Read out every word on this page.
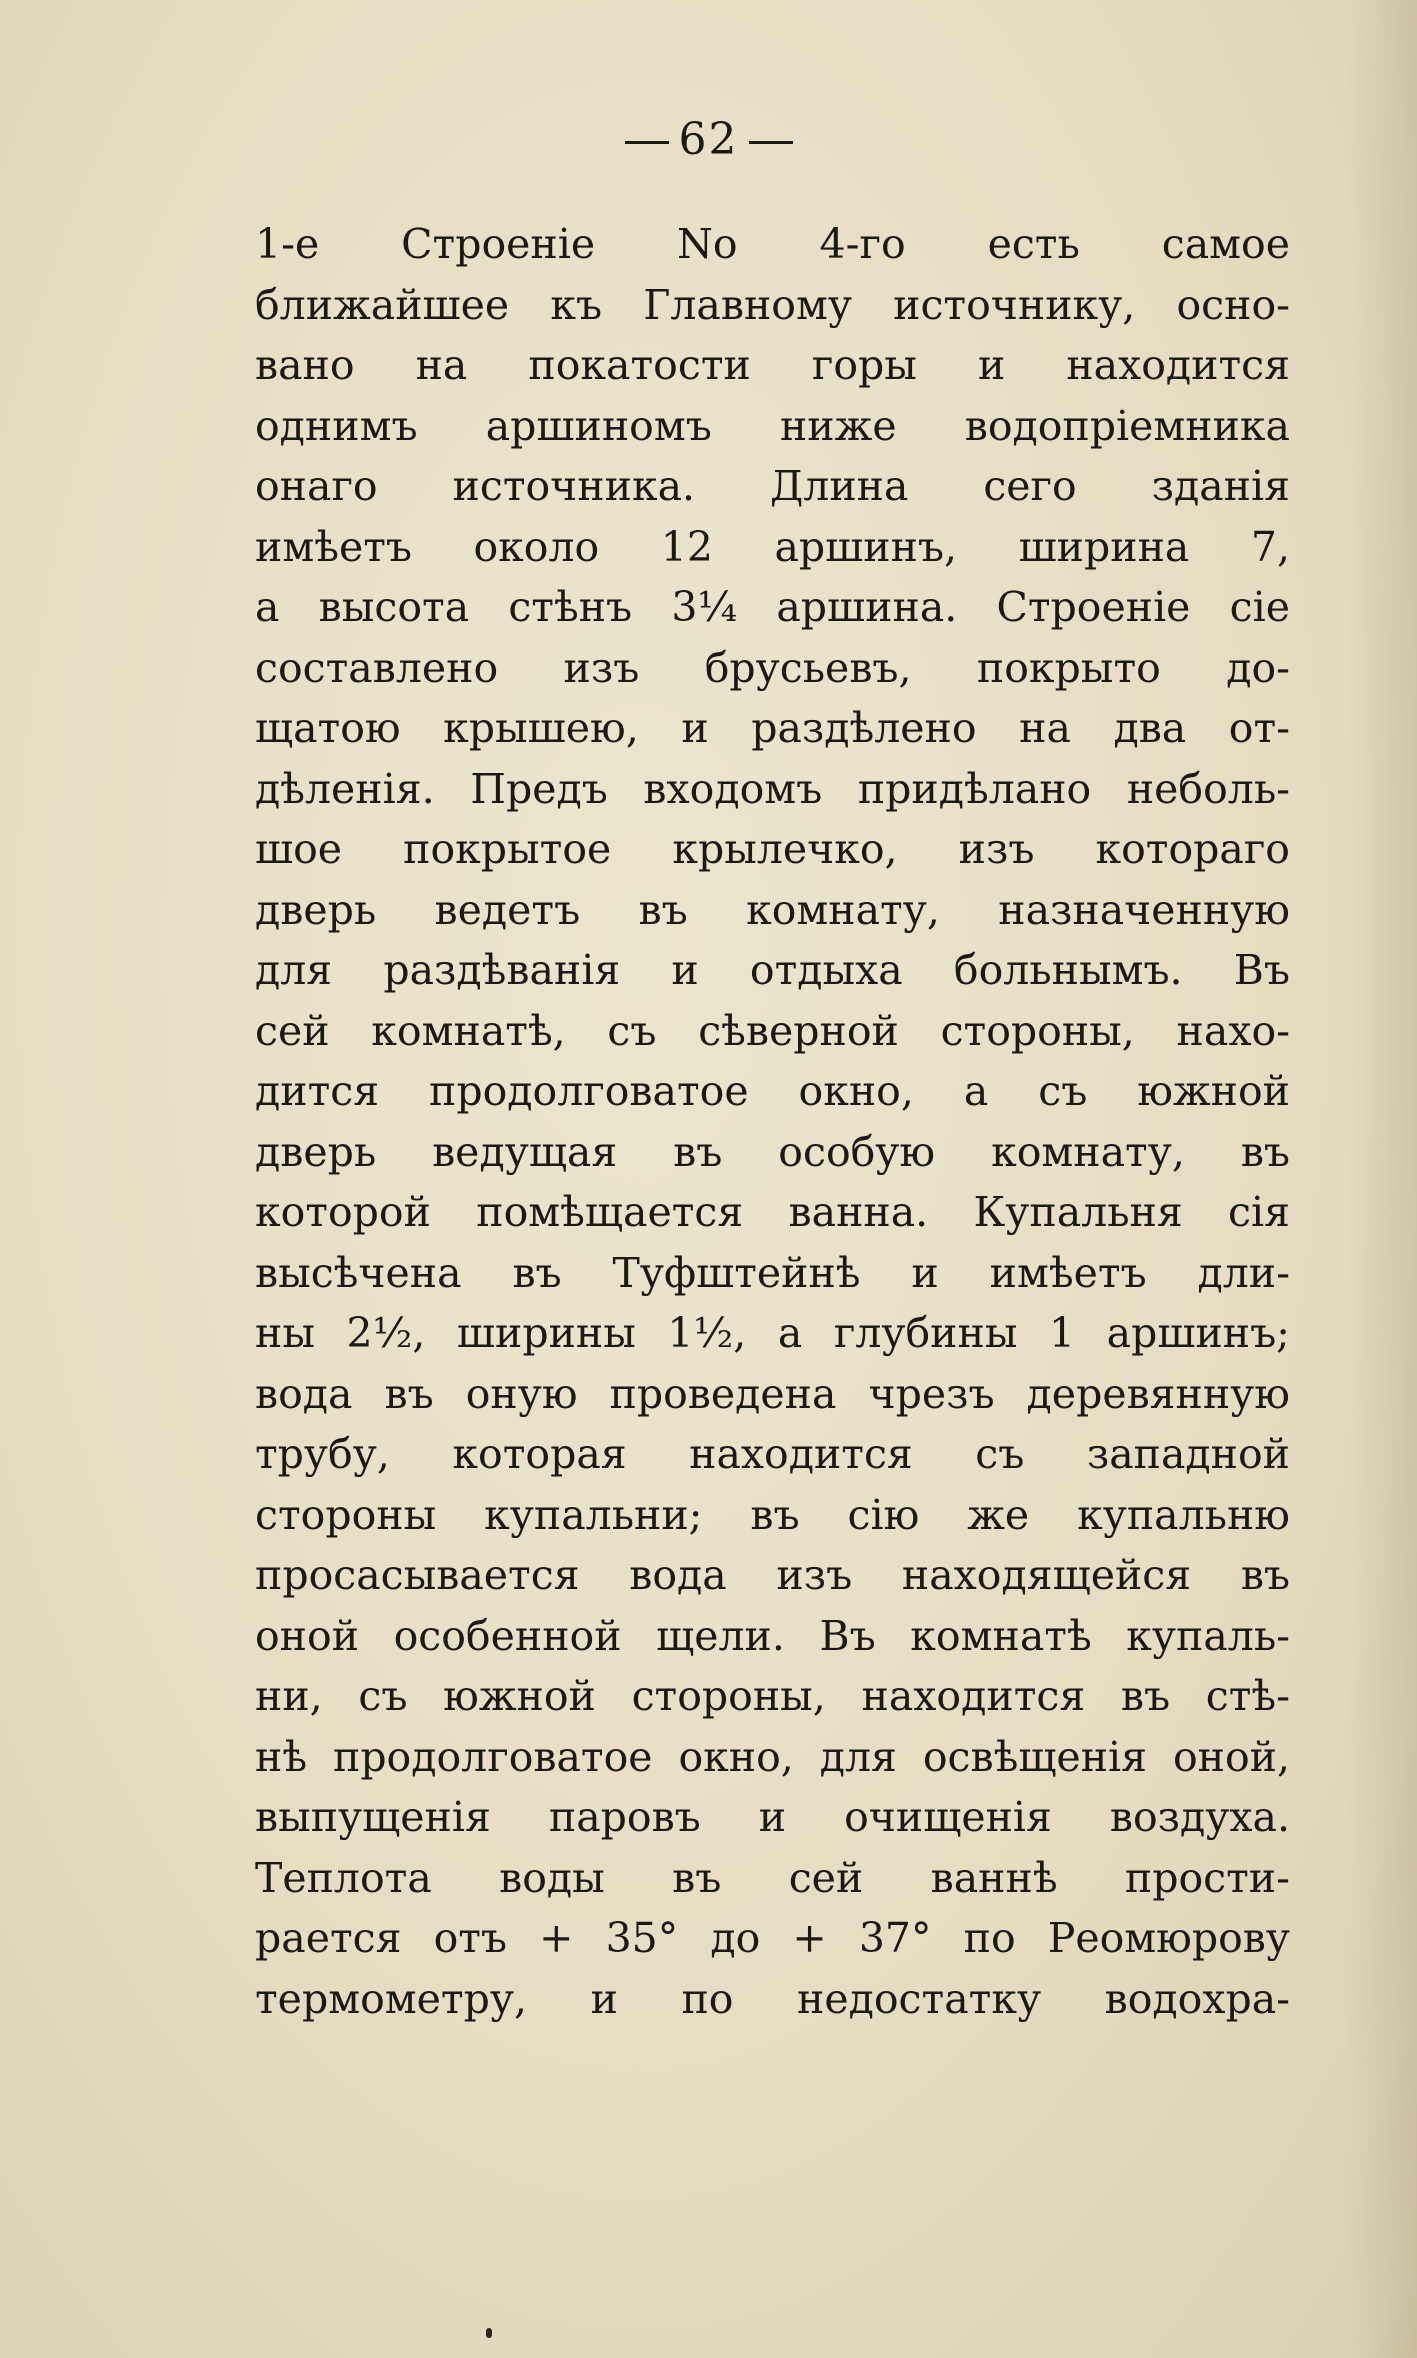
62
1-е Строеніе No 4-го есть самое
ближайшее къ Главному источнику, осно-
вано на покатости горы и находится
однимъ аршиномъ ниже водопріемника
онаго источника. Длина сего зданія
имѣетъ около 12 аршинъ, ширина 7,
а высота стѣнъ 3¼ аршина. Строеніе сіе
составлено изъ брусьевъ, покрыто до-
щатою крышею, и раздѣлено на два от-
дѣленія. Предъ входомъ придѣлано неболь-
шое покрытое крылечко, изъ котораго
дверь ведетъ въ комнату, назначенную
для раздѣванія и отдыха больнымъ. Въ
сей комнатѣ, съ сѣверной стороны, нахо-
дится продолговатое окно, а съ южной
дверь ведущая въ особую комнату, въ
которой помѣщается ванна. Купальня сія
высѣчена въ Туфштейнѣ и имѣетъ дли-
ны 2½, ширины 1½, а глубины 1 аршинъ;
вода въ оную проведена чрезъ деревянную
трубу, которая находится съ западной
стороны купальни; въ сію же купальню
просасывается вода изъ находящейся въ
оной особенной щели. Въ комнатѣ купаль-
ни, съ южной стороны, находится въ стѣ-
нѣ продолговатое окно, для освѣщенія оной,
выпущенія паровъ и очищенія воздуха.
Теплота воды въ сей ваннѣ прости-
рается отъ + 35° до + 37° по Реомюрову
термометру, и по недостатку водохра-
